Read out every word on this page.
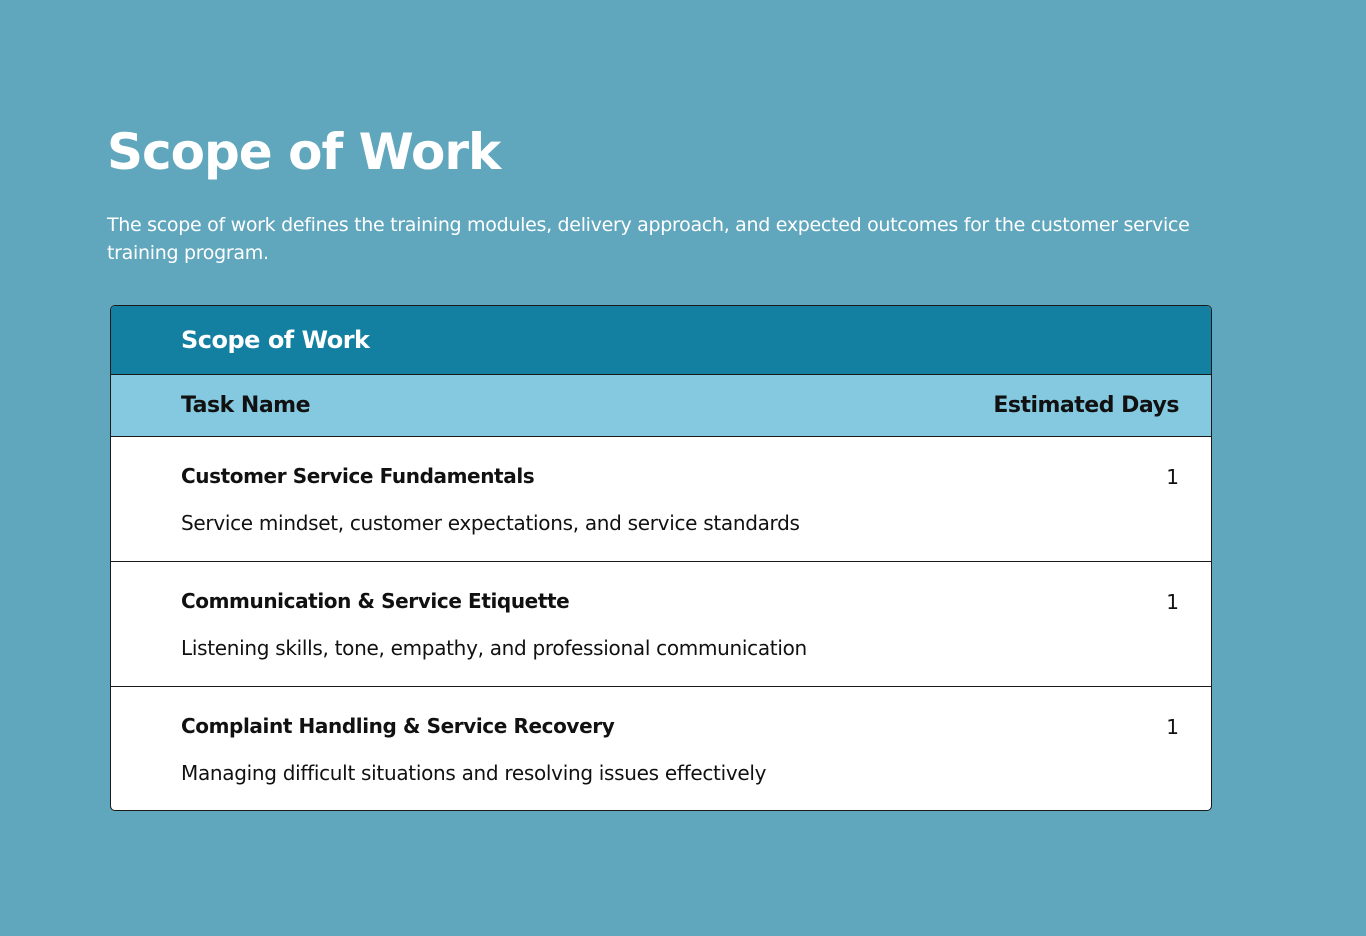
Scope of Work

The scope of work defines the training modules, delivery approach, and expected outcomes for the customer service training program.

Scope of Work
Task Name	Estimated Days
Customer Service Fundamentals	1
Service mindset, customer expectations, and service standards
Communication & Service Etiquette	1
Listening skills, tone, empathy, and professional communication
Complaint Handling & Service Recovery	1
Managing difficult situations and resolving issues effectively
